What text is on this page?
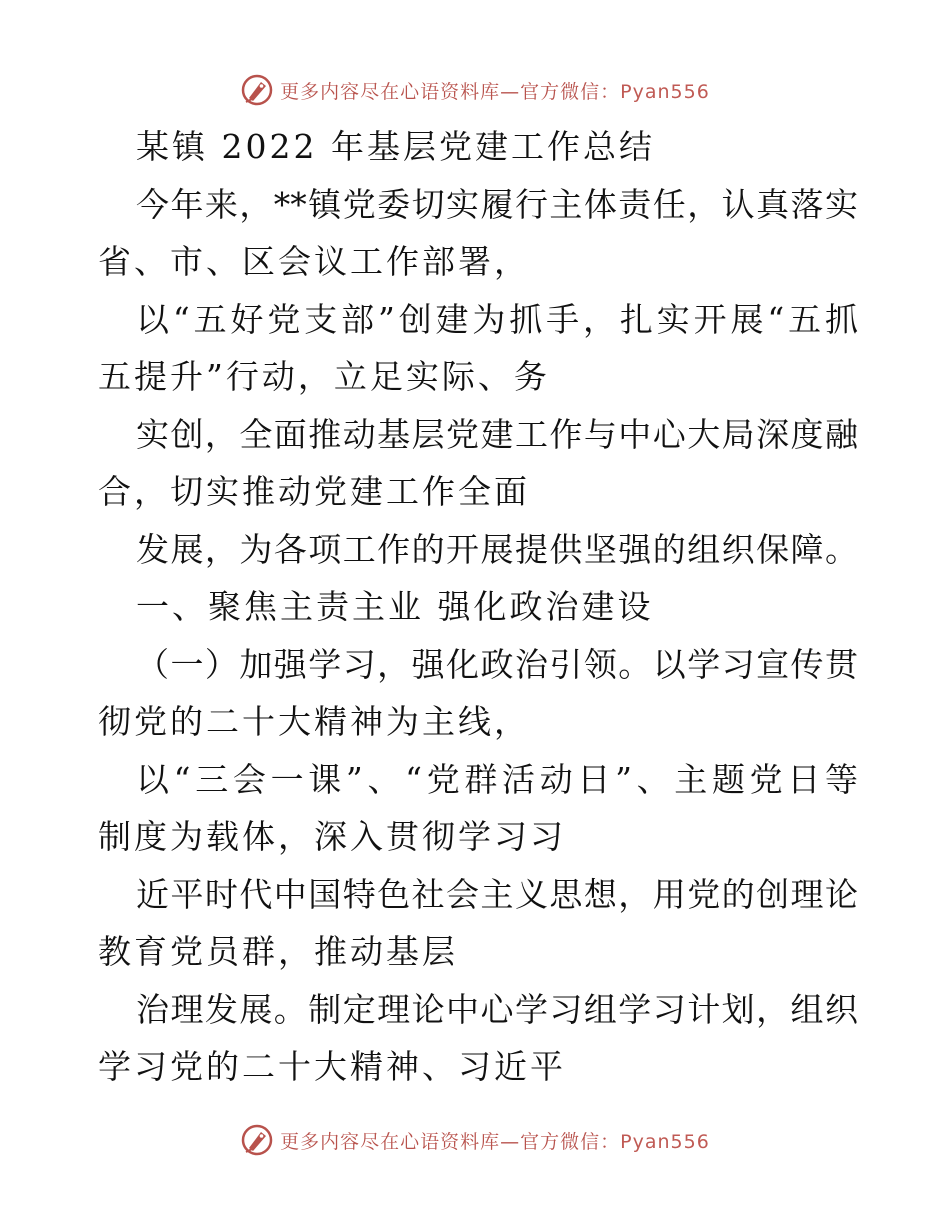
更多内容尽在心语资料库—官方微信：Pyan556
某镇 2022 年基层党建工作总结
今年来，**镇党委切实履行主体责任，认真落实
省、市、区会议工作部署，
以“五好党支部”创建为抓手，扎实开展“五抓
五提升”行动，立足实际、务
实创，全面推动基层党建工作与中心大局深度融
合，切实推动党建工作全面
发展，为各项工作的开展提供坚强的组织保障。
一、聚焦主责主业 强化政治建设
（一）加强学习，强化政治引领。以学习宣传贯
彻党的二十大精神为主线，
以“三会一课”、“党群活动日”、主题党日等
制度为载体，深入贯彻学习习
近平时代中国特色社会主义思想，用党的创理论
教育党员群，推动基层
治理发展。制定理论中心学习组学习计划，组织
学习党的二十大精神、习近平
更多内容尽在心语资料库—官方微信：Pyan556
